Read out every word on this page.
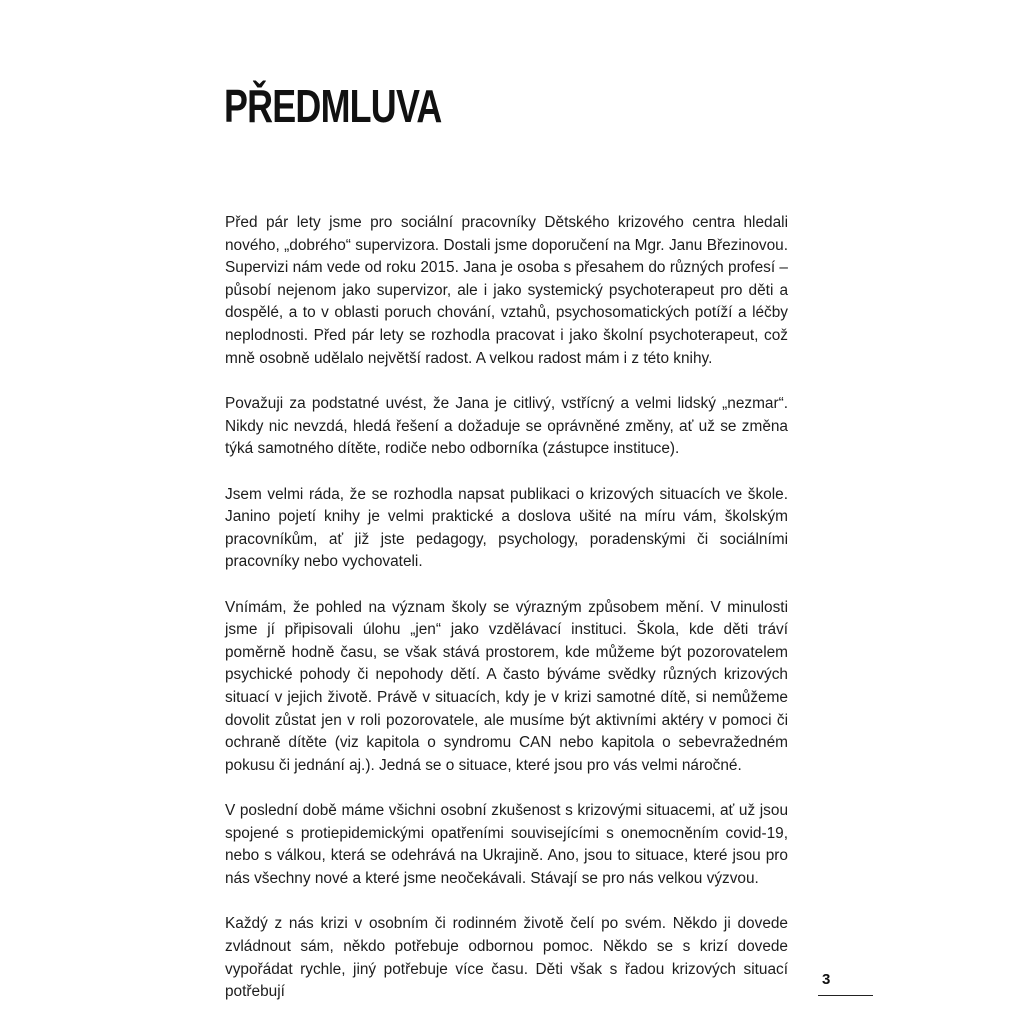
PŘEDMLUVA

Před pár lety jsme pro sociální pracovníky Dětského krizového centra hledali nového, „dobrého“ supervizora. Dostali jsme doporučení na Mgr. Janu Březinovou. Supervizi nám vede od roku 2015. Jana je osoba s přesahem do různých profesí – působí nejenom jako supervizor, ale i jako systemický psychoterapeut pro děti a dospělé, a to v oblasti poruch chování, vztahů, psychosomatických potíží a léčby neplodnosti. Před pár lety se rozhodla pracovat i jako školní psychoterapeut, což mně osobně udělalo největší radost. A velkou radost mám i z této knihy.

Považuji za podstatné uvést, že Jana je citlivý, vstřícný a velmi lidský „nezmar“. Nikdy nic nevzdá, hledá řešení a dožaduje se oprávněné změny, ať už se změna týká samotného dítěte, rodiče nebo odborníka (zástupce instituce).

Jsem velmi ráda, že se rozhodla napsat publikaci o krizových situacích ve škole. Janino pojetí knihy je velmi praktické a doslova ušité na míru vám, školským pracovníkům, ať již jste pedagogy, psychology, poradenskými či sociálními pracovníky nebo vychovateli.

Vnímám, že pohled na význam školy se výrazným způsobem mění. V minulosti jsme jí připisovali úlohu „jen“ jako vzdělávací instituci. Škola, kde děti tráví poměrně hodně času, se však stává prostorem, kde můžeme být pozorovatelem psychické pohody či nepohody dětí. A často býváme svědky různých krizových situací v jejich životě. Právě v situacích, kdy je v krizi samotné dítě, si nemůžeme dovolit zůstat jen v roli pozorovatele, ale musíme být aktivními aktéry v pomoci či ochraně dítěte (viz kapitola o syndromu CAN nebo kapitola o sebevražedném pokusu či jednání aj.). Jedná se o situace, které jsou pro vás velmi náročné.

V poslední době máme všichni osobní zkušenost s krizovými situacemi, ať už jsou spojené s protiepidemickými opatřeními souvisejícími s onemocněním covid-19, nebo s válkou, která se odehrává na Ukrajině. Ano, jsou to situace, které jsou pro nás všechny nové a které jsme neočekávali. Stávají se pro nás velkou výzvou.

Každý z nás krizi v osobním či rodinném životě čelí po svém. Někdo ji dovede zvládnout sám, někdo potřebuje odbornou pomoc. Někdo se s krizí dovede vypořádat rychle, jiný potřebuje více času. Děti však s řadou krizových situací potřebují

3
